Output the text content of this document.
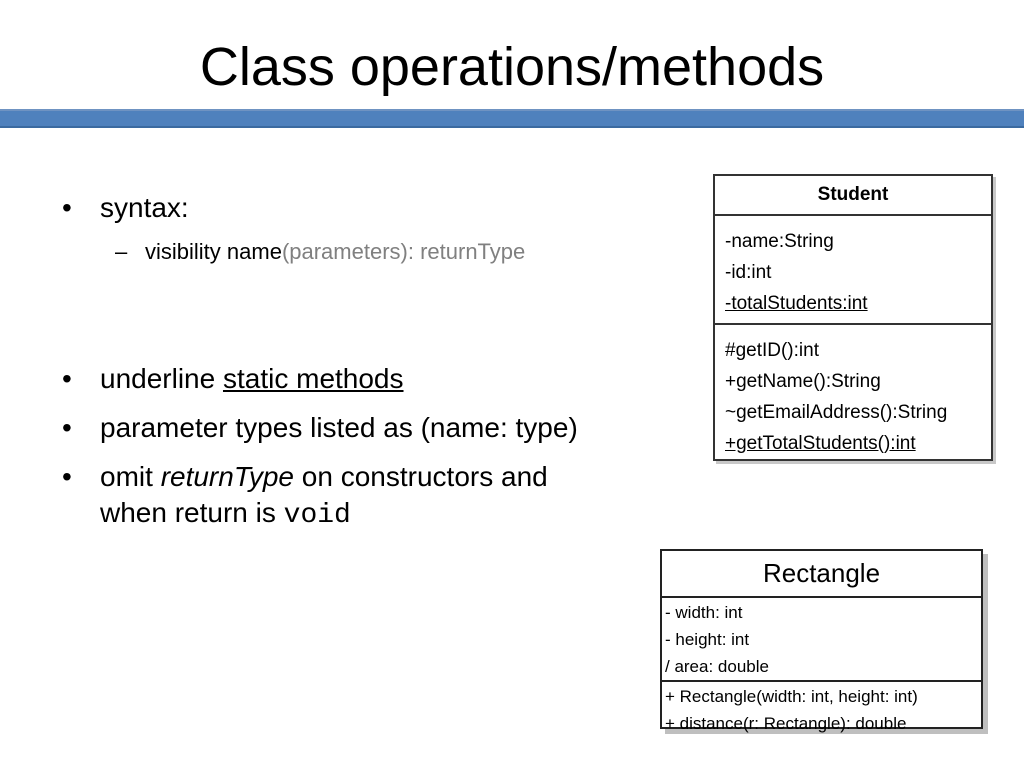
Class operations/methods
• syntax:
– visibility name(parameters): returnType
• underline static methods
• parameter types listed as (name: type)
• omit returnType on constructors and
when return is void
Student
-name:String
-id:int
-totalStudents:int
#getID():int
+getName():String
~getEmailAddress():String
+getTotalStudents():int
Rectangle
- width: int
- height: int
/ area: double
+ Rectangle(width: int, height: int)
+ distance(r: Rectangle): double
